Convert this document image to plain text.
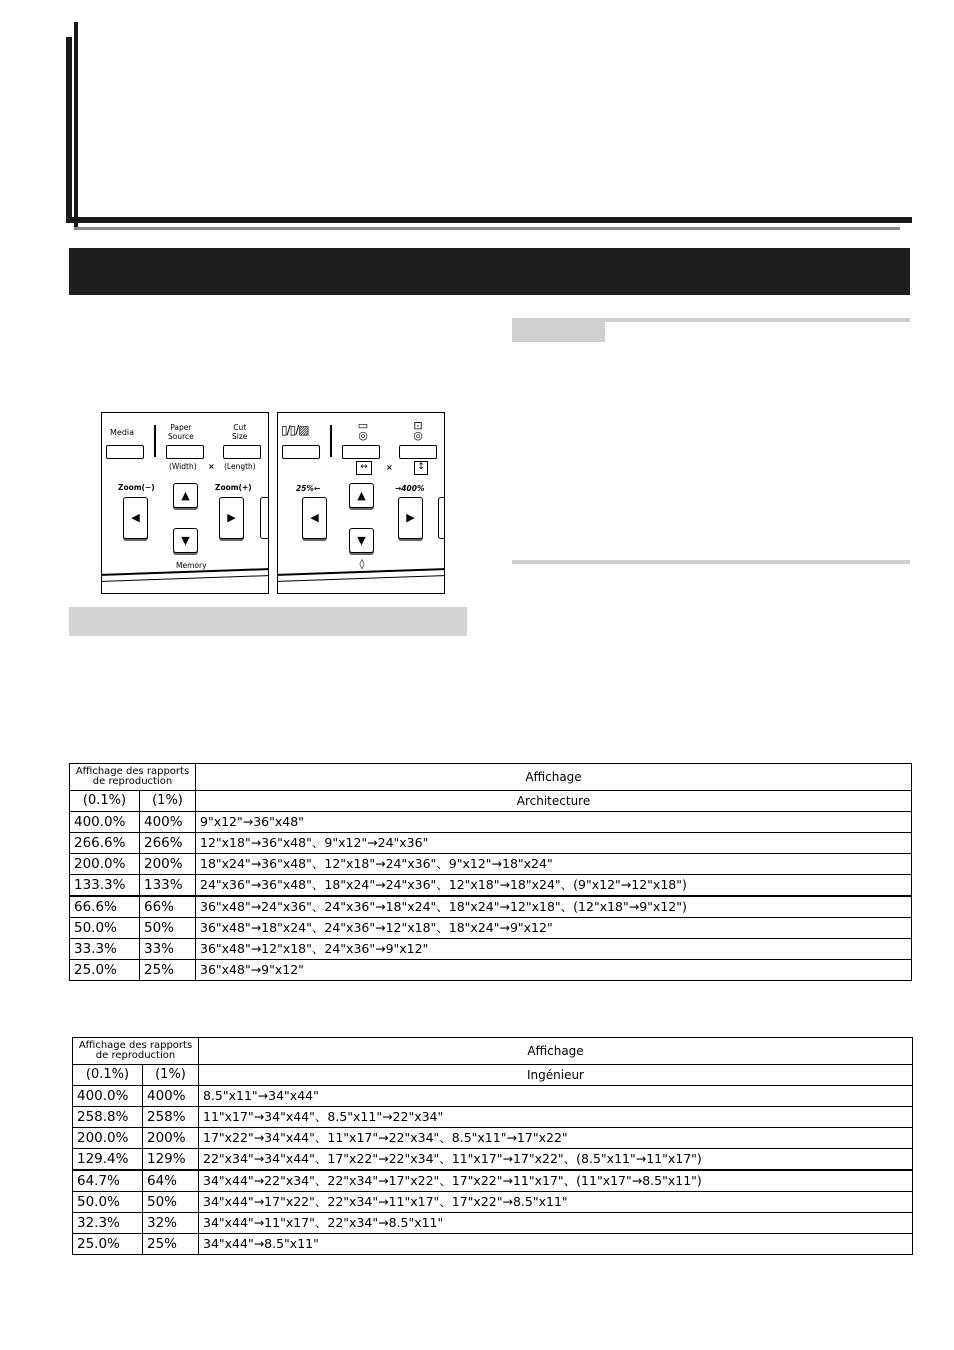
Media
Paper
Source
Cut
Size
(Width) × (Length)
Zoom(−)	Zoom(+)
▲
◀	▶
▼
Memory
▯/▯/▨	▭
◎
⊡
◎
↔	×	↕
25%←	→400%
▲
◀	▶
▼
◊
Affichage des rapports
de reproduction		Affichage
(0.1%)	(1%)	Architecture
400.0%	400%	9"x12"→36"x48"
266.6%	266%	12"x18"→36"x48"、9"x12"→24"x36"
200.0%	200%	18"x24"→36"x48"、12"x18"→24"x36"、9"x12"→18"x24"
133.3%	133%	24"x36"→36"x48"、18"x24"→24"x36"、12"x18"→18"x24"、(9"x12"→12"x18")
66.6%	66%	36"x48"→24"x36"、24"x36"→18"x24"、18"x24"→12"x18"、(12"x18"→9"x12")
50.0%	50%	36"x48"→18"x24"、24"x36"→12"x18"、18"x24"→9"x12"
33.3%	33%	36"x48"→12"x18"、24"x36"→9"x12"
25.0%	25%	36"x48"→9"x12"
Affichage des rapports
de reproduction		Affichage
(0.1%)	(1%)	Ingénieur
400.0%	400%	8.5"x11"→34"x44"
258.8%	258%	11"x17"→34"x44"、8.5"x11"→22"x34"
200.0%	200%	17"x22"→34"x44"、11"x17"→22"x34"、8.5"x11"→17"x22"
129.4%	129%	22"x34"→34"x44"、17"x22"→22"x34"、11"x17"→17"x22"、(8.5"x11"→11"x17")
64.7%	64%	34"x44"→22"x34"、22"x34"→17"x22"、17"x22"→11"x17"、(11"x17"→8.5"x11")
50.0%	50%	34"x44"→17"x22"、22"x34"→11"x17"、17"x22"→8.5"x11"
32.3%	32%	34"x44"→11"x17"、22"x34"→8.5"x11"
25.0%	25%	34"x44"→8.5"x11"
